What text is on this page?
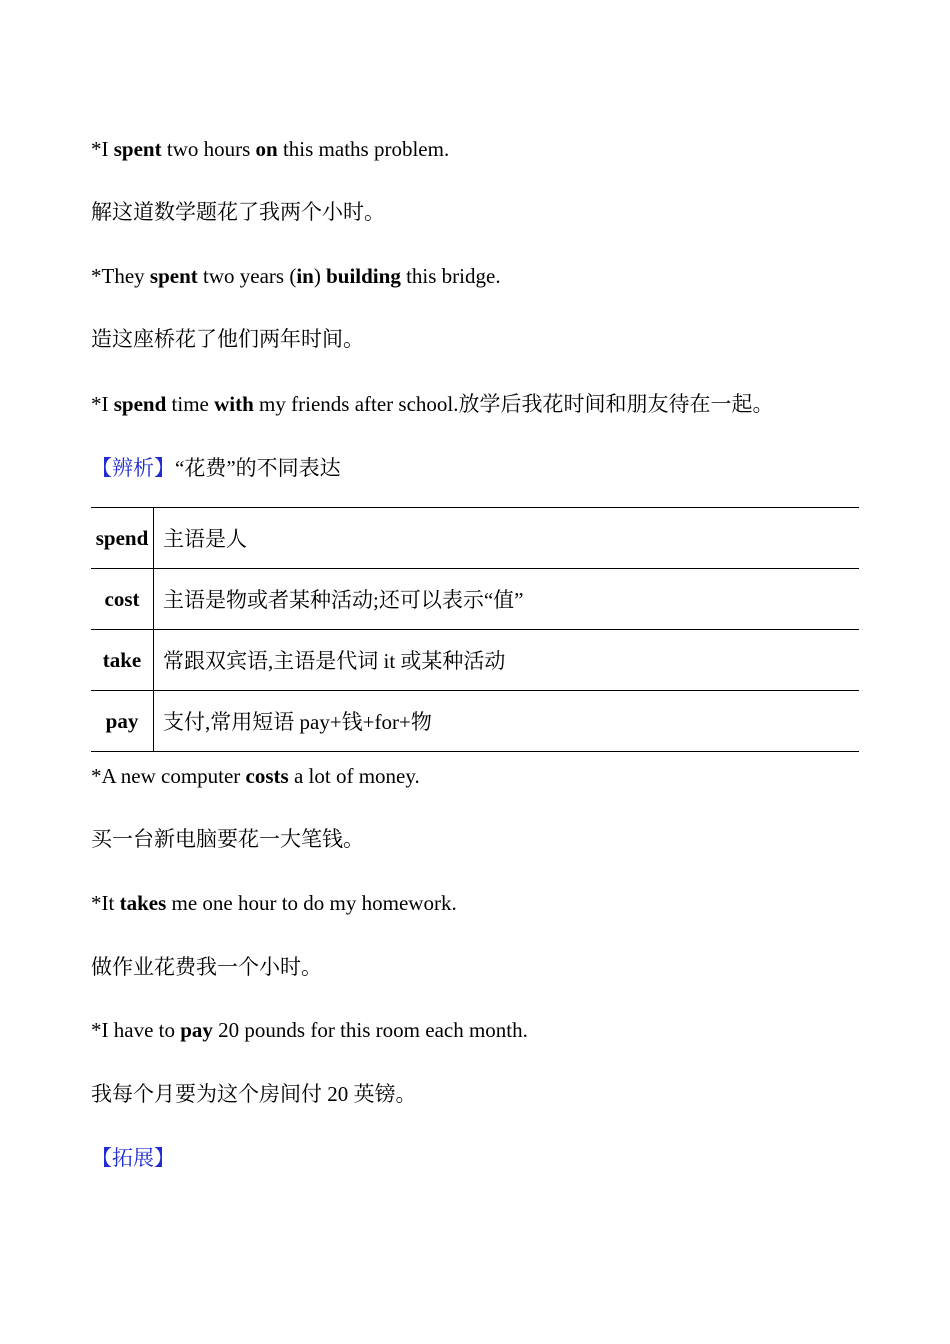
*I spent two hours on this maths problem.
解这道数学题花了我两个小时。
*They spent two years (in) building this bridge.
造这座桥花了他们两年时间。
*I spend time with my friends after school.放学后我花时间和朋友待在一起。
【辨析】“花费”的不同表达
spend	主语是人
cost	主语是物或者某种活动;还可以表示“值”
take	常跟双宾语,主语是代词 it 或某种活动
pay	支付,常用短语 pay+钱+for+物
*A new computer costs a lot of money.
买一台新电脑要花一大笔钱。
*It takes me one hour to do my homework.
做作业花费我一个小时。
*I have to pay 20 pounds for this room each month.
我每个月要为这个房间付 20 英镑。
【拓展】
